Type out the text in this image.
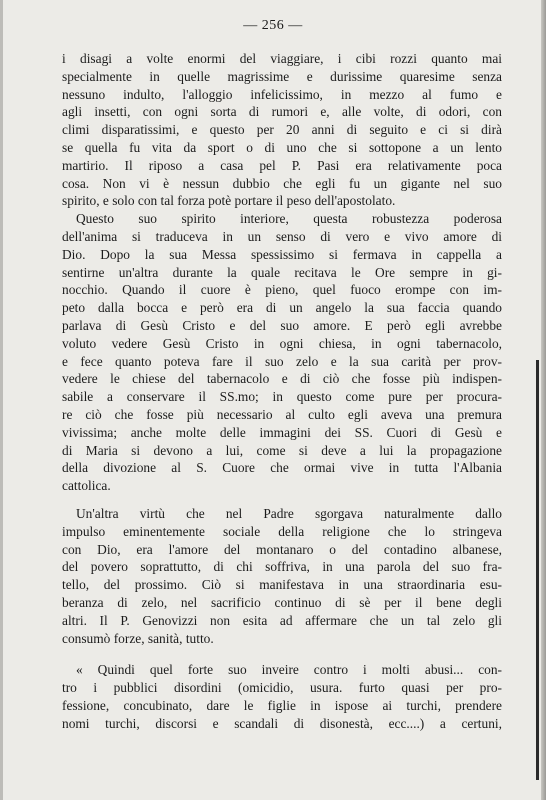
— 256 —

i disagi a volte enormi del viaggiare, i cibi rozzi quanto mai
specialmente in quelle magrissime e durissime quaresime senza
nessuno indulto, l'alloggio infelicissimo, in mezzo al fumo e
agli insetti, con ogni sorta di rumori e, alle volte, di odori, con
climi disparatissimi, e questo per 20 anni di seguito e ci si dirà
se quella fu vita da sport o di uno che si sottopone a un lento
martirio. Il riposo a casa pel P. Pasi era relativamente poca
cosa. Non vi è nessun dubbio che egli fu un gigante nel suo
spirito, e solo con tal forza potè portare il peso dell'apostolato.

Questo suo spirito interiore, questa robustezza poderosa
dell'anima si traduceva in un senso di vero e vivo amore di
Dio. Dopo la sua Messa spessissimo si fermava in cappella a
sentirne un'altra durante la quale recitava le Ore sempre in gi-
nocchio. Quando il cuore è pieno, quel fuoco erompe con im-
peto dalla bocca e però era di un angelo la sua faccia quando
parlava di Gesù Cristo e del suo amore. E però egli avrebbe
voluto vedere Gesù Cristo in ogni chiesa, in ogni tabernacolo,
e fece quanto poteva fare il suo zelo e la sua carità per prov-
vedere le chiese del tabernacolo e di ciò che fosse più indispen-
sabile a conservare il SS.mo; in questo come pure per procura-
re ciò che fosse più necessario al culto egli aveva una premura
vivissima; anche molte delle immagini dei SS. Cuori di Gesù e
di Maria si devono a lui, come si deve a lui la propagazione
della divozione al S. Cuore che ormai vive in tutta l'Albania
cattolica.

Un'altra virtù che nel Padre sgorgava naturalmente dallo
impulso eminentemente sociale della religione che lo stringeva
con Dio, era l'amore del montanaro o del contadino albanese,
del povero soprattutto, di chi soffriva, in una parola del suo fra-
tello, del prossimo. Ciò si manifestava in una straordinaria esu-
beranza di zelo, nel sacrificio continuo di sè per il bene degli
altri. Il P. Genovizzi non esita ad affermare che un tal zelo gli
consumò forze, sanità, tutto.

« Quindi quel forte suo inveire contro i molti abusi... con-
tro i pubblici disordini (omicidio, usura. furto quasi per pro-
fessione, concubinato, dare le figlie in ispose ai turchi, prendere
nomi turchi, discorsi e scandali di disonestà, ecc....) a certuni,
